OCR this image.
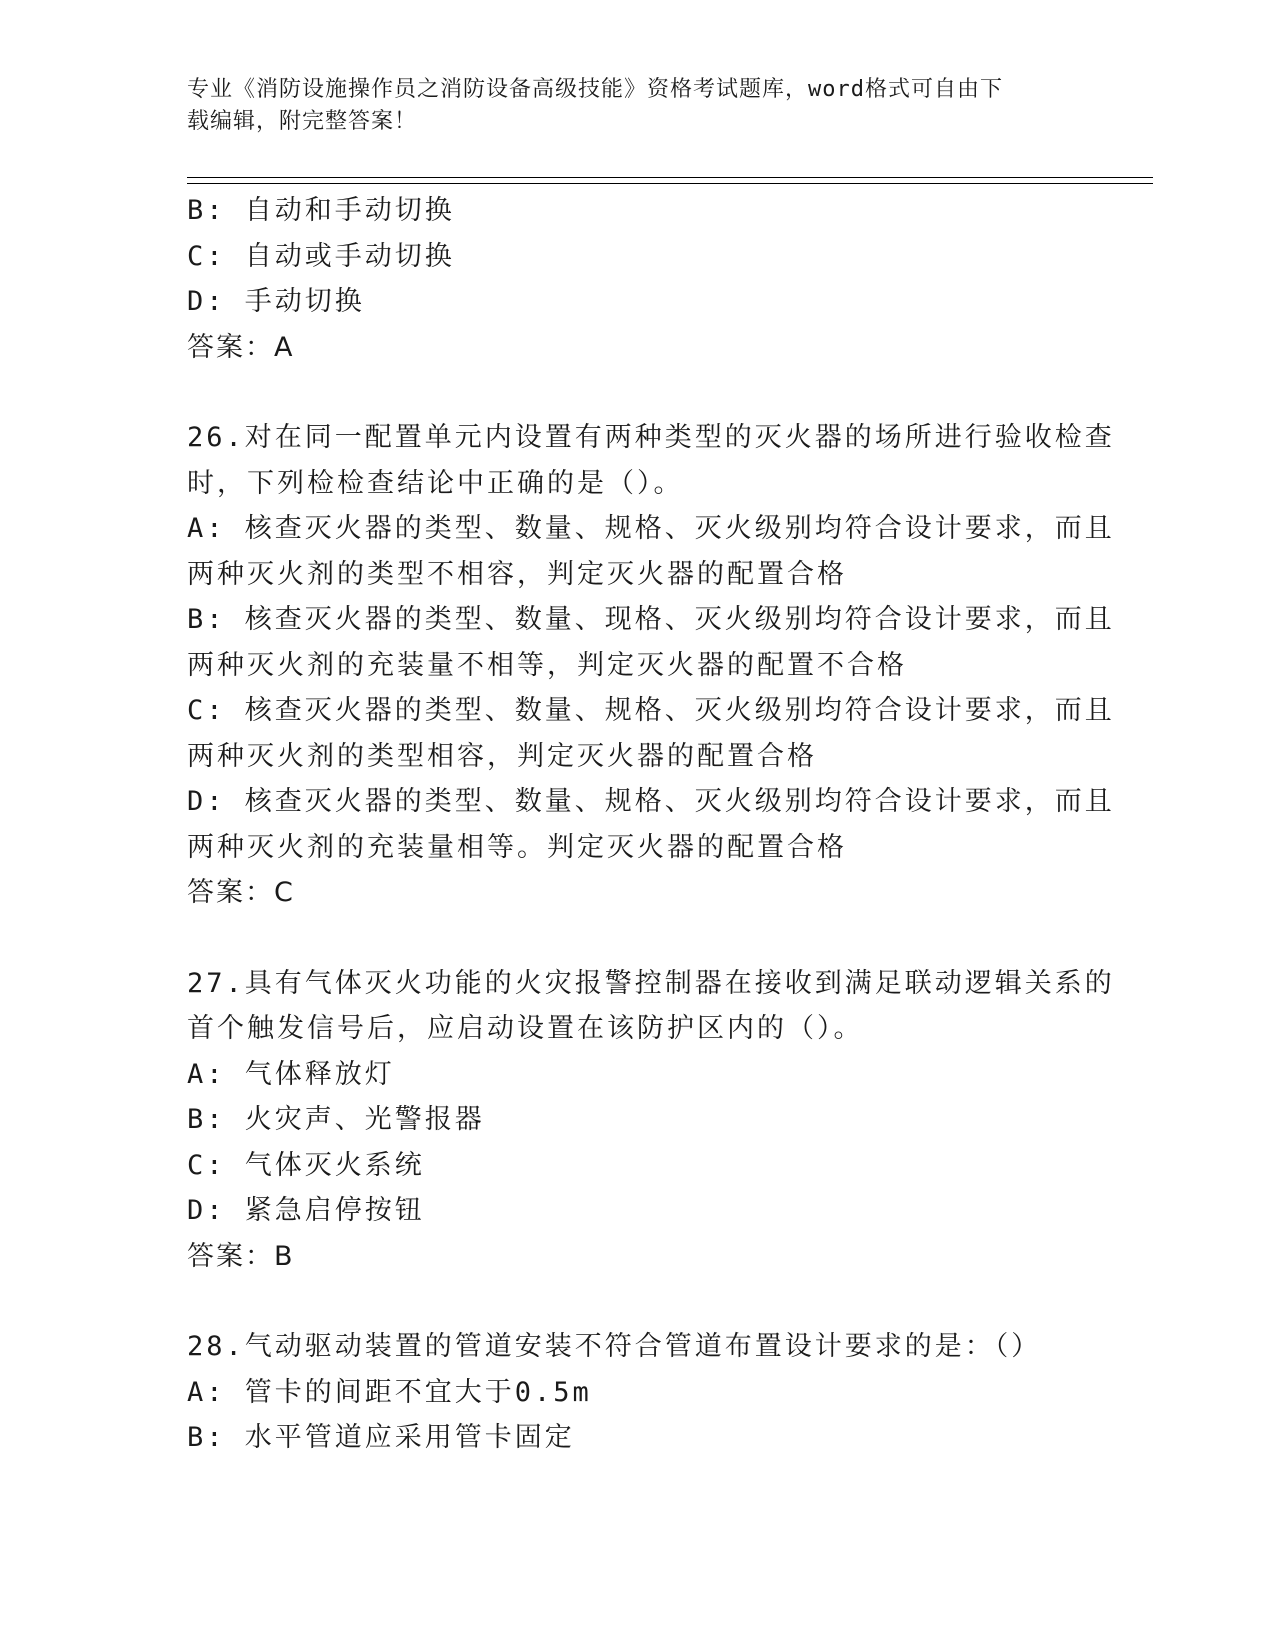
专业《消防设施操作员之消防设备高级技能》资格考试题库，word格式可自由下
载编辑，附完整答案！
B: 自动和手动切换
C: 自动或手动切换
D: 手动切换
答案：A
26.对在同一配置单元内设置有两种类型的灭火器的场所进行验收检查
时，下列检检查结论中正确的是（）。
A: 核查灭火器的类型、数量、规格、灭火级别均符合设计要求，而且
两种灭火剂的类型不相容，判定灭火器的配置合格
B: 核查灭火器的类型、数量、现格、灭火级别均符合设计要求，而且
两种灭火剂的充装量不相等，判定灭火器的配置不合格
C: 核查灭火器的类型、数量、规格、灭火级别均符合设计要求，而且
两种灭火剂的类型相容，判定灭火器的配置合格
D: 核查灭火器的类型、数量、规格、灭火级别均符合设计要求，而且
两种灭火剂的充装量相等。判定灭火器的配置合格
答案：C
27.具有气体灭火功能的火灾报警控制器在接收到满足联动逻辑关系的
首个触发信号后，应启动设置在该防护区内的（）。
A: 气体释放灯
B: 火灾声、光警报器
C: 气体灭火系统
D: 紧急启停按钮
答案：B
28.气动驱动装置的管道安装不符合管道布置设计要求的是：（）
A: 管卡的间距不宜大于0.5m
B: 水平管道应采用管卡固定
